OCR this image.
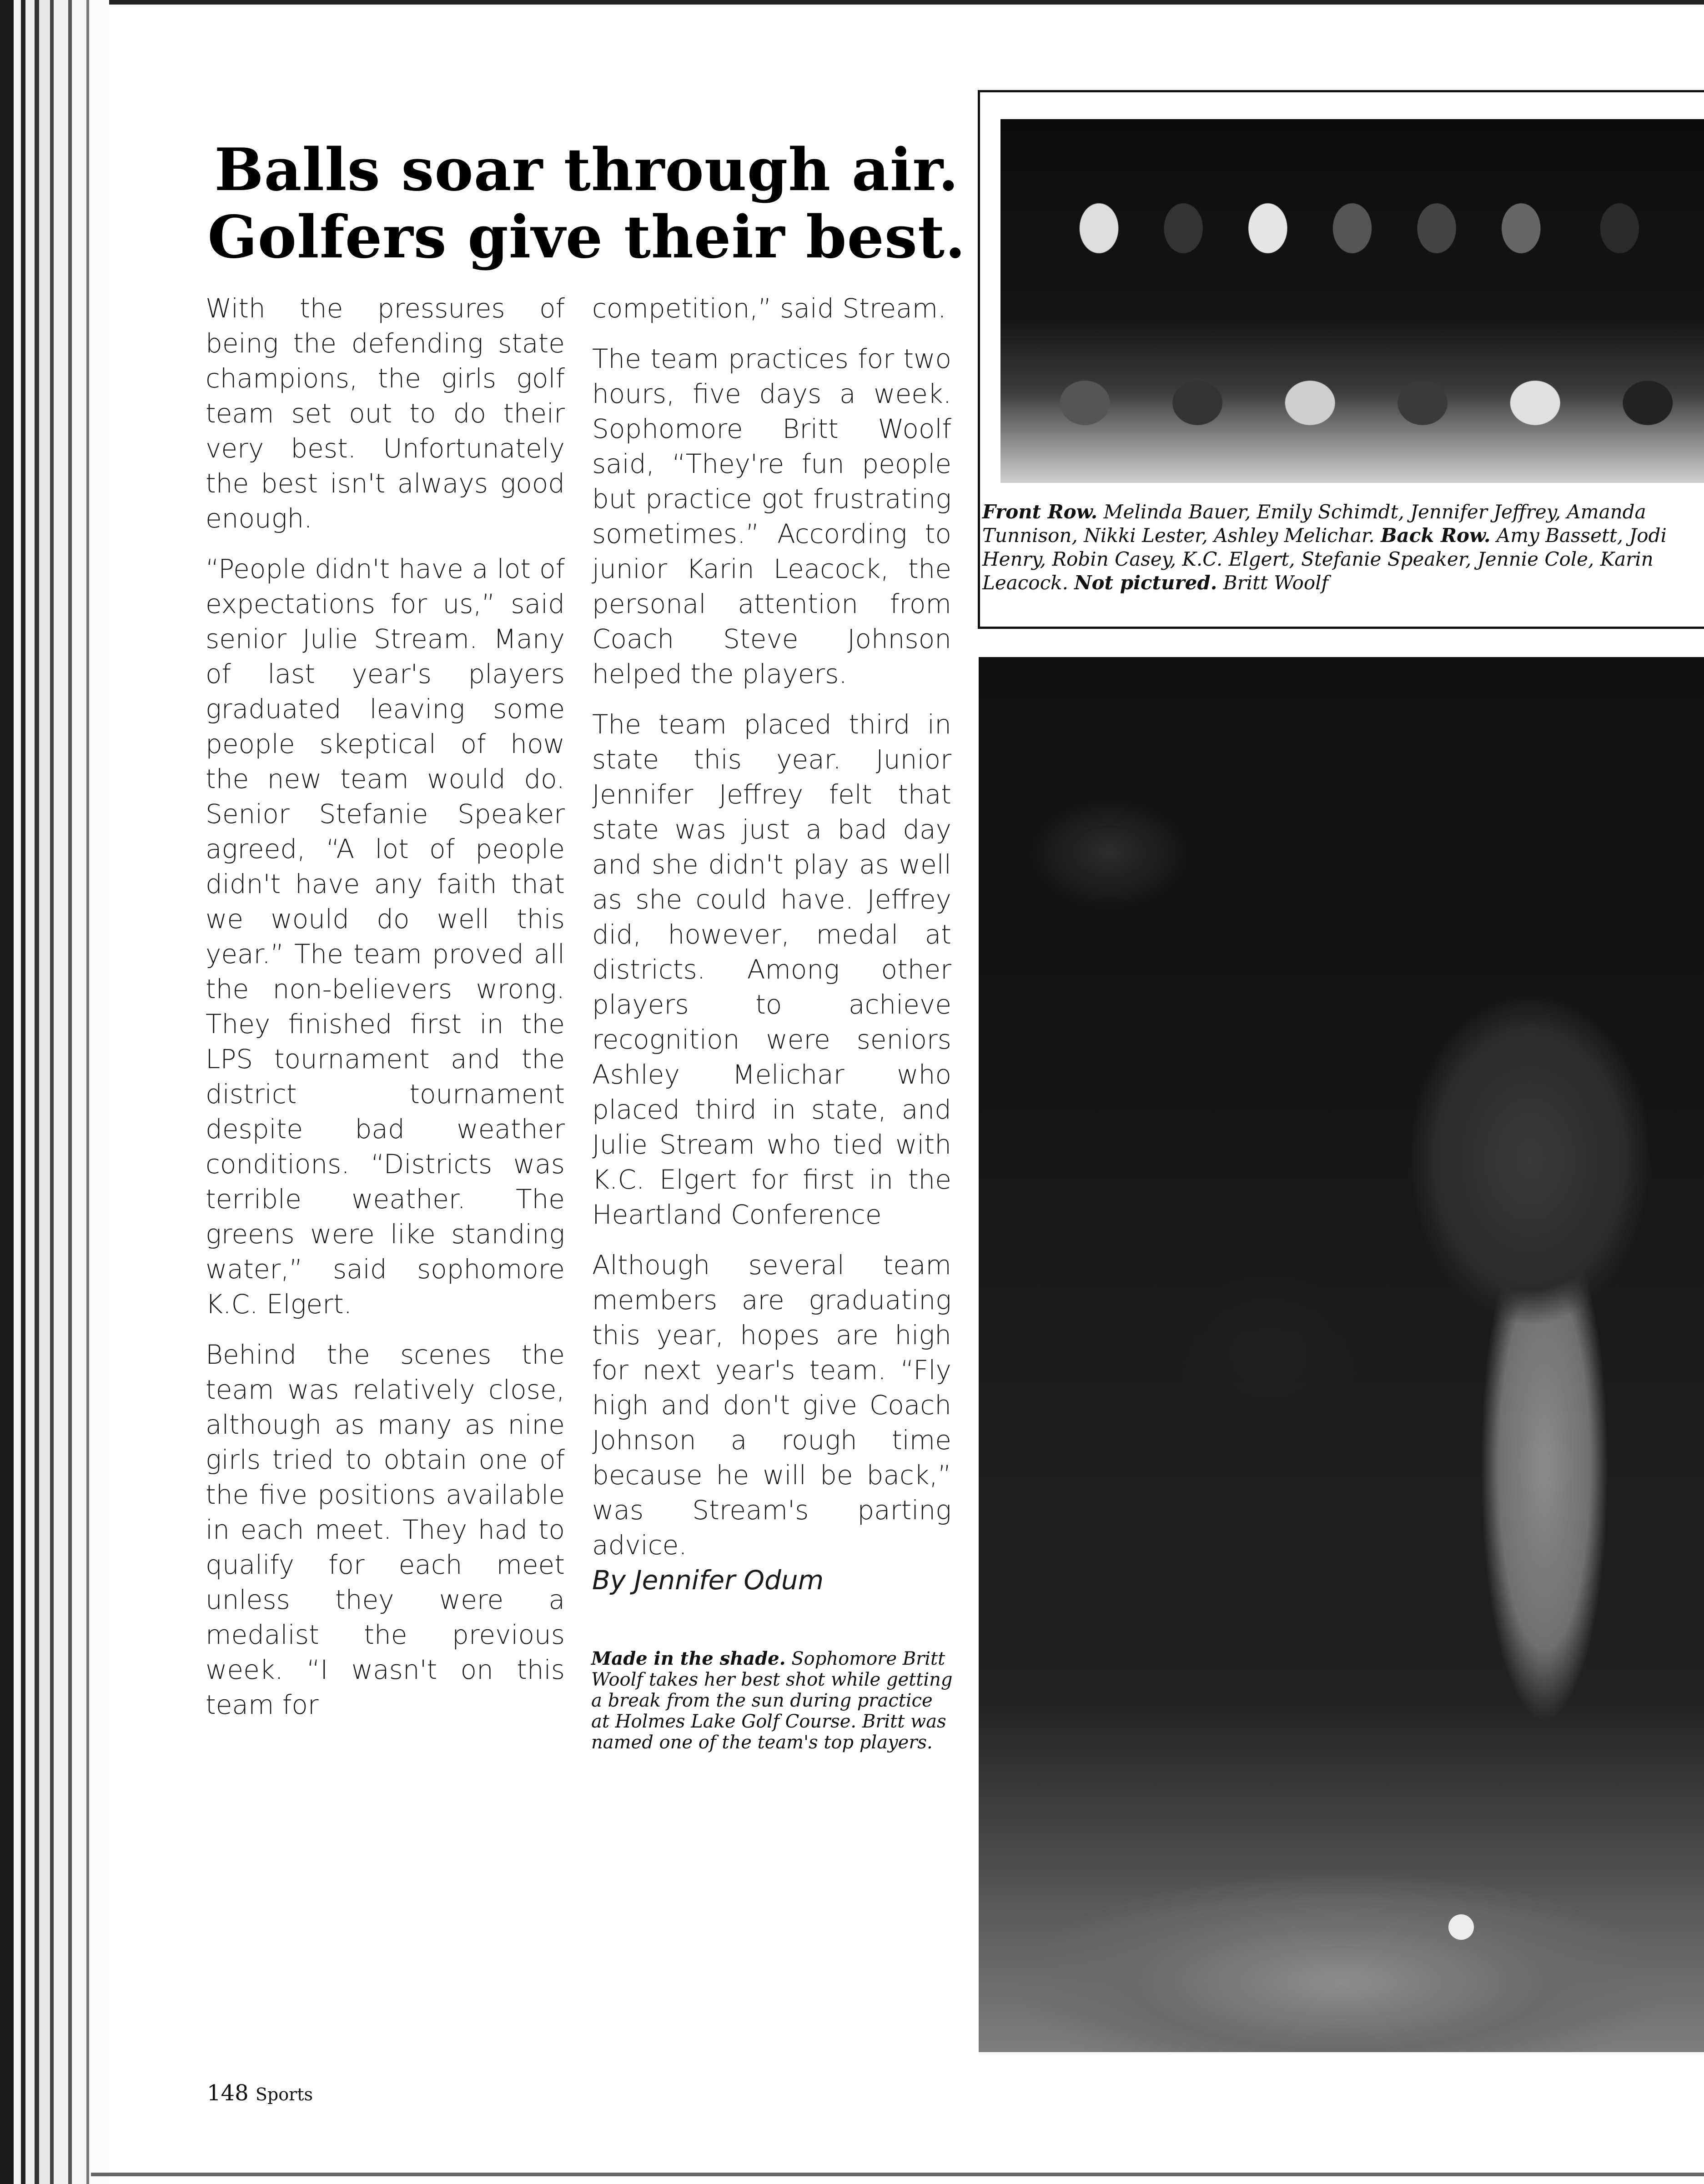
Balls soar through air.
Golfers give their best.

With the pressures of being the defending state champions, the girls golf team set out to do their very best. Unfortunately the best isn't always good enough.

“People didn't have a lot of expectations for us,” said senior Julie Stream. Many of last year's players graduated leaving some people skeptical of how the new team would do. Senior Stefanie Speaker agreed, “A lot of people didn't have any faith that we would do well this year.” The team proved all the non-believers wrong. They finished first in the LPS tournament and the district tournament despite bad weather conditions. “Districts was terrible weather. The greens were like standing water,” said sophomore K.C. Elgert.

Behind the scenes the team was relatively close, although as many as nine girls tried to obtain one of the five positions available in each meet. They had to qualify for each meet unless they were a medalist the previous week. “I wasn't on this team for

competition,” said Stream.

The team practices for two hours, five days a week. Sophomore Britt Woolf said, “They're fun people but practice got frustrating sometimes.” According to junior Karin Leacock, the personal attention from Coach Steve Johnson helped the players.

The team placed third in state this year. Junior Jennifer Jeffrey felt that state was just a bad day and she didn't play as well as she could have. Jeffrey did, however, medal at districts. Among other players to achieve recognition were seniors Ashley Melichar who placed third in state, and Julie Stream who tied with K.C. Elgert for first in the Heartland Conference

Although several team members are graduating this year, hopes are high for next year's team. “Fly high and don't give Coach Johnson a rough time because he will be back,” was Stream's parting advice.
By Jennifer Odum

Front Row. Melinda Bauer, Emily Schimdt, Jennifer Jeffrey, Amanda Tunnison, Nikki Lester, Ashley Melichar. Back Row. Amy Bassett, Jodi Henry, Robin Casey, K.C. Elgert, Stefanie Speaker, Jennie Cole, Karin Leacock. Not pictured. Britt Woolf

Made in the shade. Sophomore Britt Woolf takes her best shot while getting a break from the sun during practice at Holmes Lake Golf Course. Britt was named one of the team's top players.

148 Sports
